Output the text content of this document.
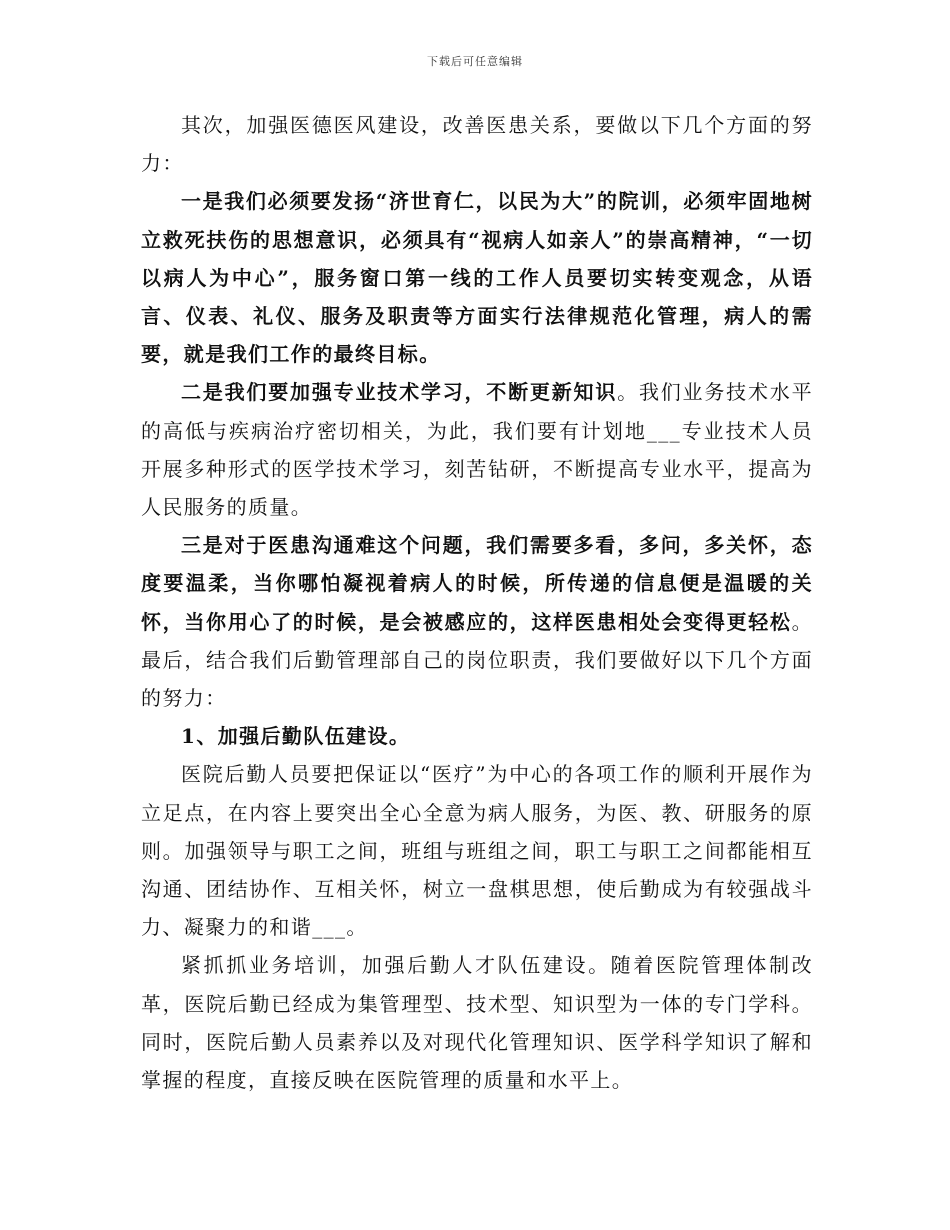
下载后可任意编辑

其次，加强医德医风建设，改善医患关系，要做以下几个方面的努力：

一是我们必须要发扬“济世育仁，以民为大”的院训，必须牢固地树立救死扶伤的思想意识，必须具有“视病人如亲人”的崇高精神，“一切以病人为中心”，服务窗口第一线的工作人员要切实转变观念，从语言、仪表、礼仪、服务及职责等方面实行法律规范化管理，病人的需要，就是我们工作的最终目标。

二是我们要加强专业技术学习，不断更新知识。我们业务技术水平的高低与疾病治疗密切相关，为此，我们要有计划地___专业技术人员开展多种形式的医学技术学习，刻苦钻研，不断提高专业水平，提高为人民服务的质量。

三是对于医患沟通难这个问题，我们需要多看，多问，多关怀，态度要温柔，当你哪怕凝视着病人的时候，所传递的信息便是温暖的关怀，当你用心了的时候，是会被感应的，这样医患相处会变得更轻松。最后，结合我们后勤管理部自己的岗位职责，我们要做好以下几个方面的努力：

1、加强后勤队伍建设。

医院后勤人员要把保证以“医疗”为中心的各项工作的顺利开展作为立足点，在内容上要突出全心全意为病人服务，为医、教、研服务的原则。加强领导与职工之间，班组与班组之间，职工与职工之间都能相互沟通、团结协作、互相关怀，树立一盘棋思想，使后勤成为有较强战斗力、凝聚力的和谐___。

紧抓抓业务培训，加强后勤人才队伍建设。随着医院管理体制改革，医院后勤已经成为集管理型、技术型、知识型为一体的专门学科。同时，医院后勤人员素养以及对现代化管理知识、医学科学知识了解和掌握的程度，直接反映在医院管理的质量和水平上。
